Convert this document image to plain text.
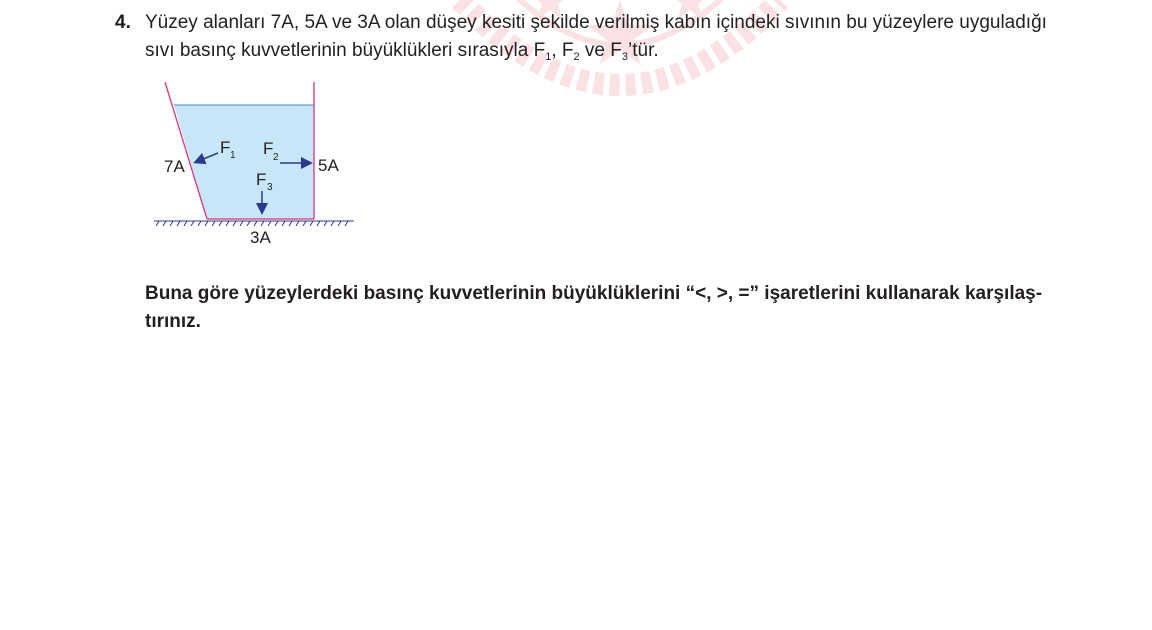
4. Yüzey alanları 7A, 5A ve 3A olan düşey kesiti şekilde verilmiş kabın içindeki sıvının bu yüzeylere uyguladığı
sıvı basınç kuvvetlerinin büyüklükleri sırasıyla $F_1$, $F_2$ ve $F_3’tür$.
F 1 F 2
F 3
7A	5A
3A
Buna göre yüzeylerdeki basınç kuvvetlerinin büyüklüklerini “<, >, =” işaretlerini kullanarak karşılaş-
tırınız.
